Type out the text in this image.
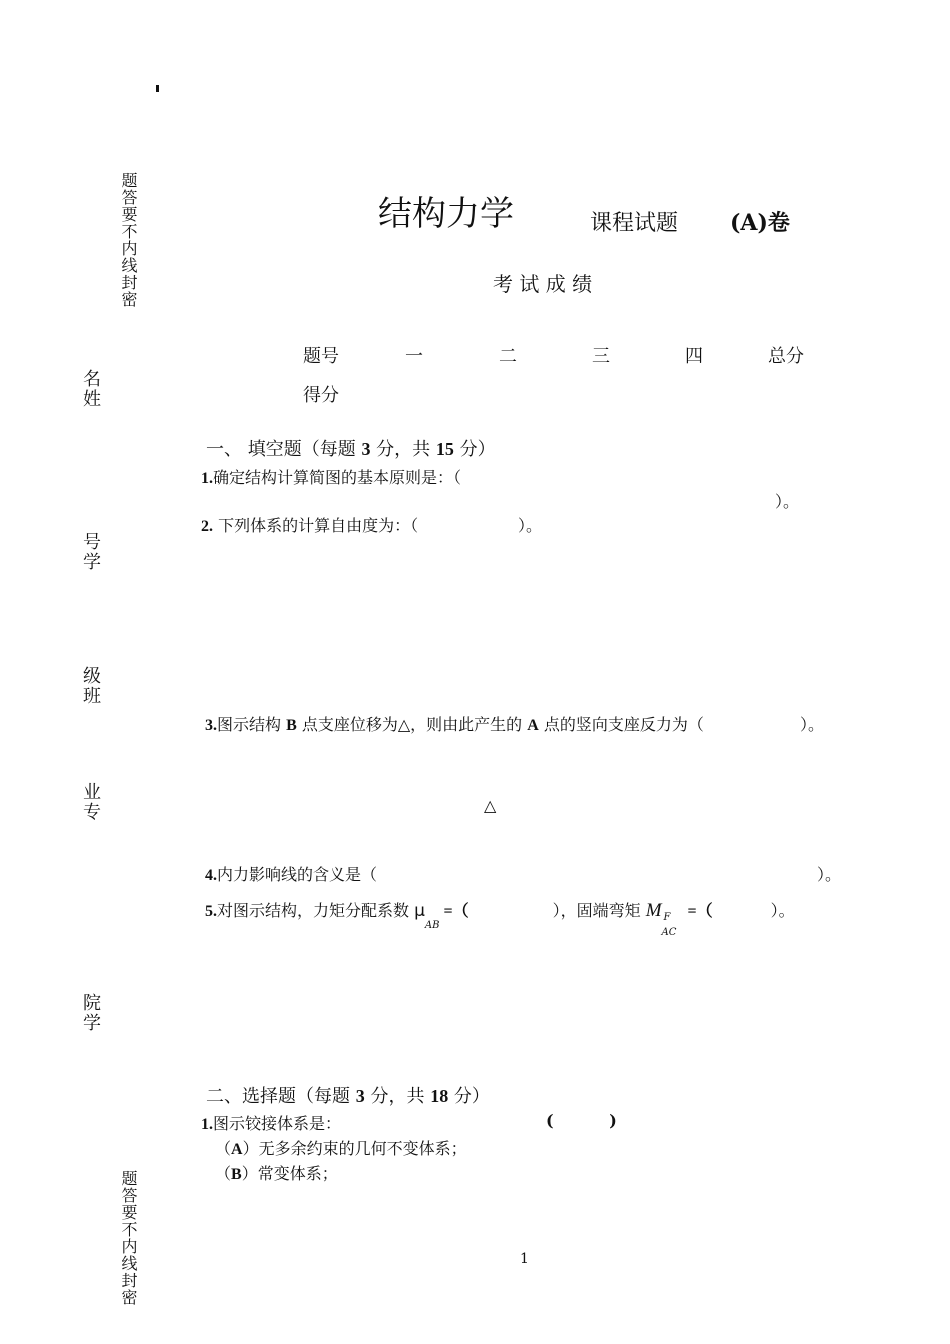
题答要不内线封密
名姓
号学
级班
业专
院学
题答要不内线封密
结构力学	课程试题 (A)卷
考 试 成 绩
题号	一	二	三	四	总分
得分
一、 填空题（每题 3 分，共 15 分）
1.确定结构计算简图的基本原则是：（
）。
2. 下列体系的计算自由度为：（	）。
3.图示结构 B 点支座位移为△，则由此产生的 A 点的竖向支座反力为（	）。
△
4.内力影响线的含义是（	）。
5.对图示结构，力矩分配系数 $\mu_{AB}$ =（	），固端弯矩 M F
AC
=（	）。
二、选择题（每题 3 分，共 18 分）
1.图示铰接体系是：	(          )
（A）无多余约束的几何不变体系；
（B）常变体系；
1
